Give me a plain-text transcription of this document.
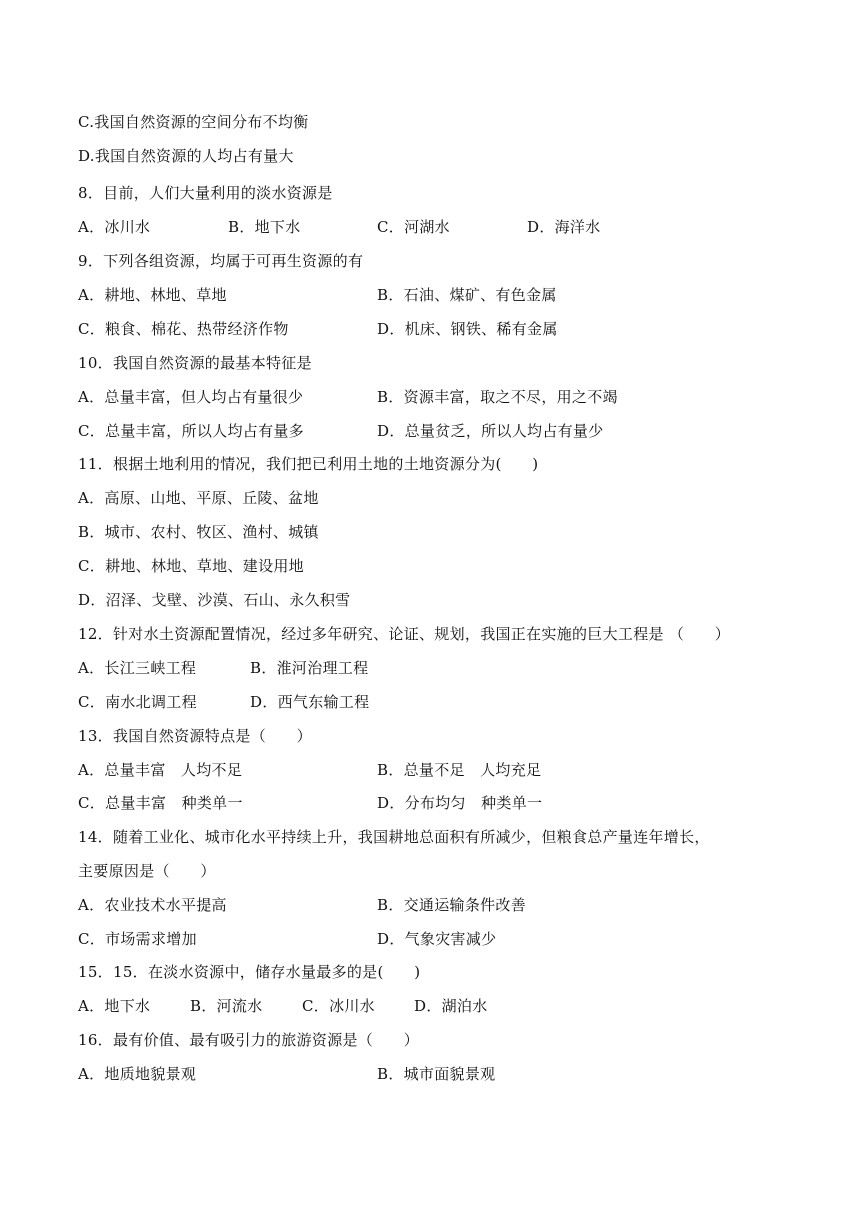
C.我国自然资源的空间分布不均衡
D.我国自然资源的人均占有量大
8．目前，人们大量利用的淡水资源是
A．冰川水	B．地下水	C．河湖水	D．海洋水
9．下列各组资源，均属于可再生资源的有
A．耕地、林地、草地	B．石油、煤矿、有色金属
C．粮食、棉花、热带经济作物	D．机床、钢铁、稀有金属
10．我国自然资源的最基本特征是
A．总量丰富，但人均占有量很少	B．资源丰富，取之不尽，用之不竭
C．总量丰富，所以人均占有量多	D．总量贫乏，所以人均占有量少
11．根据土地利用的情况，我们把已利用土地的土地资源分为(　　)
A．高原、山地、平原、丘陵、盆地
B．城市、农村、牧区、渔村、城镇
C．耕地、林地、草地、建设用地
D．沼泽、戈壁、沙漠、石山、永久积雪
12．针对水土资源配置情况，经过多年研究、论证、规划，我国正在实施的巨大工程是 （　　）
A．长江三峡工程	B．淮河治理工程
C．南水北调工程	D．西气东输工程
13．我国自然资源特点是（　　）
A．总量丰富　人均不足	B．总量不足　人均充足
C．总量丰富　种类单一	D．分布均匀　种类单一
14．随着工业化、城市化水平持续上升，我国耕地总面积有所减少，但粮食总产量连年增长，
主要原因是（　　）
A．农业技术水平提高	B．交通运输条件改善
C．市场需求增加	D．气象灾害减少
15．15．在淡水资源中，储存水量最多的是(　　)
A．地下水	B．河流水	C．冰川水	D．湖泊水
16．最有价值、最有吸引力的旅游资源是（　　）
A．地质地貌景观	B．城市面貌景观
